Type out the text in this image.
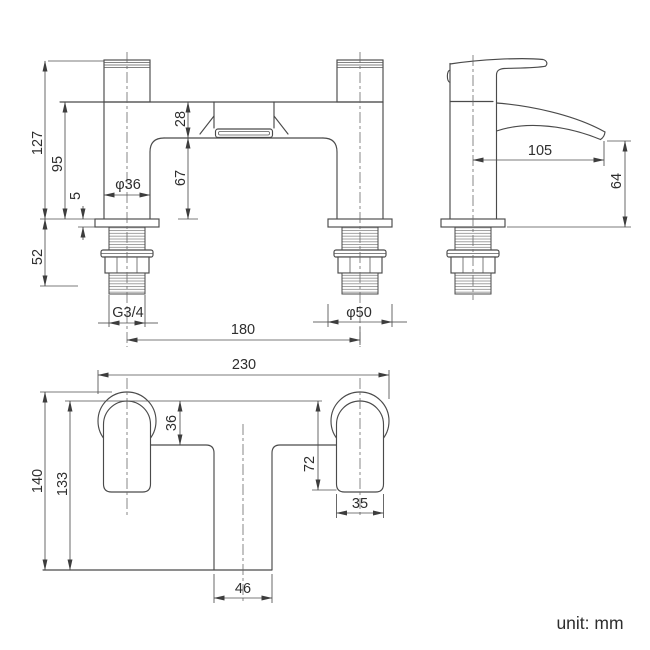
127
95
5
52
28
67
φ36
G3/4
180
φ50
105
64
230
140 133
36
72
35
46
unit: mm
